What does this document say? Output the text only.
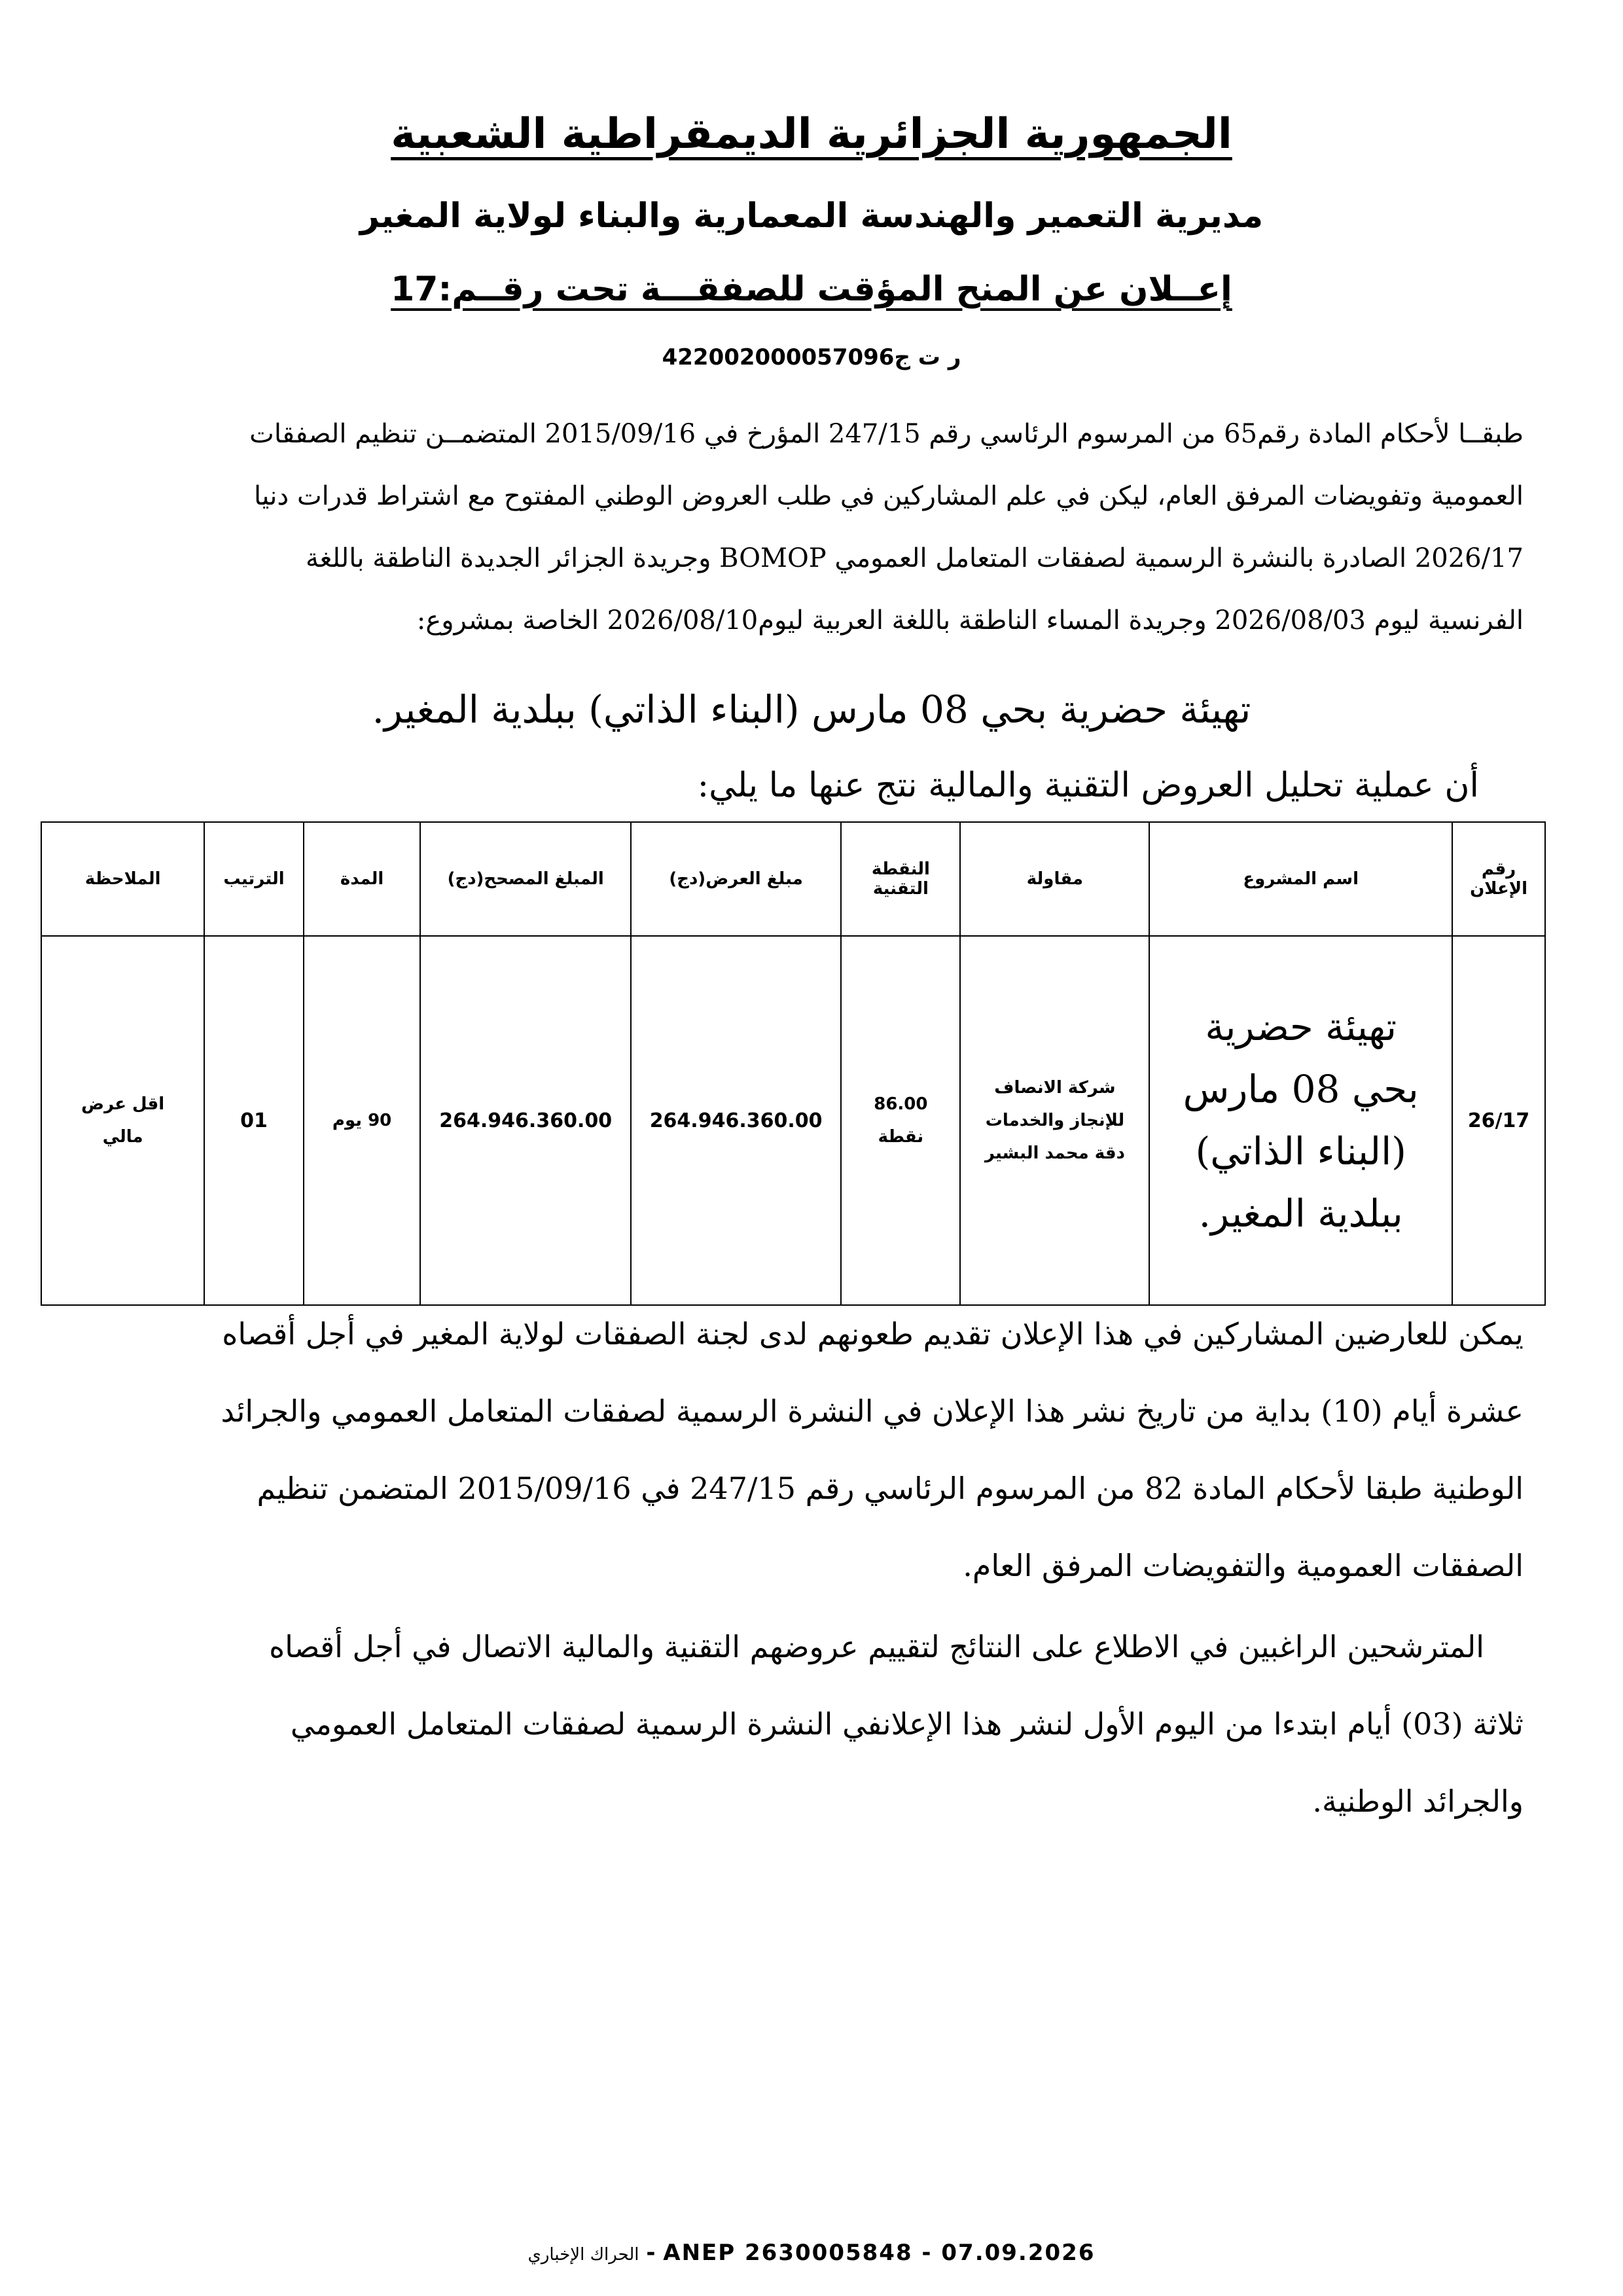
الجمهورية الجزائرية الديمقراطية الشعبية
مديرية التعمير والهندسة المعمارية والبناء لولاية المغير
إعــلان عن المنح المؤقت للصفقـــة تحت رقــم:17
ر ت ج422002000057096
طبقــا لأحكام المادة رقم65 من المرسوم الرئاسي رقم 247/15 المؤرخ في 2015/09/16 المتضمــن تنظيم الصفقات
العمومية وتفويضات المرفق العام، ليكن في علم المشاركين في طلب العروض الوطني المفتوح مع اشتراط قدرات دنيا
2026/17 الصادرة بالنشرة الرسمية لصفقات المتعامل العمومي BOMOP وجريدة الجزائر الجديدة الناطقة باللغة
الفرنسية ليوم 2026/08/03 وجريدة المساء الناطقة باللغة العربية ليوم2026/08/10 الخاصة بمشروع:
تهيئة حضرية بحي 08 مارس (البناء الذاتي) ببلدية المغير.
أن عملية تحليل العروض التقنية والمالية نتج عنها ما يلي:
رقم الإعلان	اسم المشروع	مقاولة	النقطة التقنية	مبلغ العرض(دج)	المبلغ المصحح(دج)	المدة	الترتيب	الملاحظة
26/17	تهيئة حضرية بحي 08 مارس (البناء الذاتي) ببلدية المغير.	شركة الانصاف للإنجاز والخدمات دقة محمد البشير	86.00 نقطة	264.946.360.00	264.946.360.00	90 يوم	01	اقل عرض مالي
يمكن للعارضين المشاركين في هذا الإعلان تقديم طعونهم لدى لجنة الصفقات لولاية المغير في أجل أقصاه
عشرة أيام (10) بداية من تاريخ نشر هذا الإعلان في النشرة الرسمية لصفقات المتعامل العمومي والجرائد
الوطنية طبقا لأحكام المادة 82 من المرسوم الرئاسي رقم 247/15 في 2015/09/16 المتضمن تنظيم
الصفقات العمومية والتفويضات المرفق العام.
المترشحين الراغبين في الاطلاع على النتائج لتقييم عروضهم التقنية والمالية الاتصال في أجل أقصاه
ثلاثة (03) أيام ابتدءا من اليوم الأول لنشر هذا الإعلانفي النشرة الرسمية لصفقات المتعامل العمومي
والجرائد الوطنية.
الحراك الإخباري - ANEP 2630005848 - 07.09.2026
